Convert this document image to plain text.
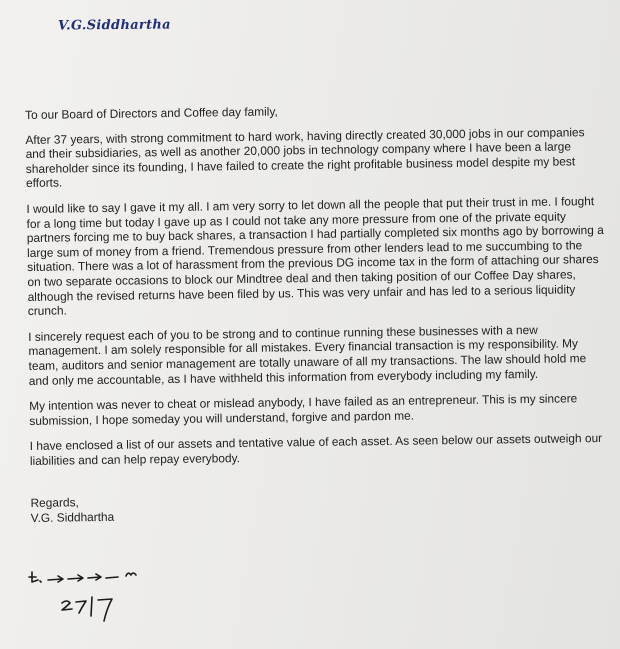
V.G.Siddhartha

To our Board of Directors and Coffee day family,

After 37 years, with strong commitment to hard work, having directly created 30,000 jobs in our companies and their subsidiaries, as well as another 20,000 jobs in technology company where I have been a large shareholder since its founding, I have failed to create the right profitable business model despite my best efforts.

I would like to say I gave it my all. I am very sorry to let down all the people that put their trust in me. I fought for a long time but today I gave up as I could not take any more pressure from one of the private equity partners forcing me to buy back shares, a transaction I had partially completed six months ago by borrowing a large sum of money from a friend. Tremendous pressure from other lenders lead to me succumbing to the situation. There was a lot of harassment from the previous DG income tax in the form of attaching our shares on two separate occasions to block our Mindtree deal and then taking position of our Coffee Day shares, although the revised returns have been filed by us. This was very unfair and has led to a serious liquidity crunch.

I sincerely request each of you to be strong and to continue running these businesses with a new management. I am solely responsible for all mistakes. Every financial transaction is my responsibility. My team, auditors and senior management are totally unaware of all my transactions. The law should hold me and only me accountable, as I have withheld this information from everybody including my family.

My intention was never to cheat or mislead anybody, I have failed as an entrepreneur. This is my sincere submission, I hope someday you will understand, forgive and pardon me.

I have enclosed a list of our assets and tentative value of each asset. As seen below our assets outweigh our liabilities and can help repay everybody.

Regards,
V.G. Siddhartha
